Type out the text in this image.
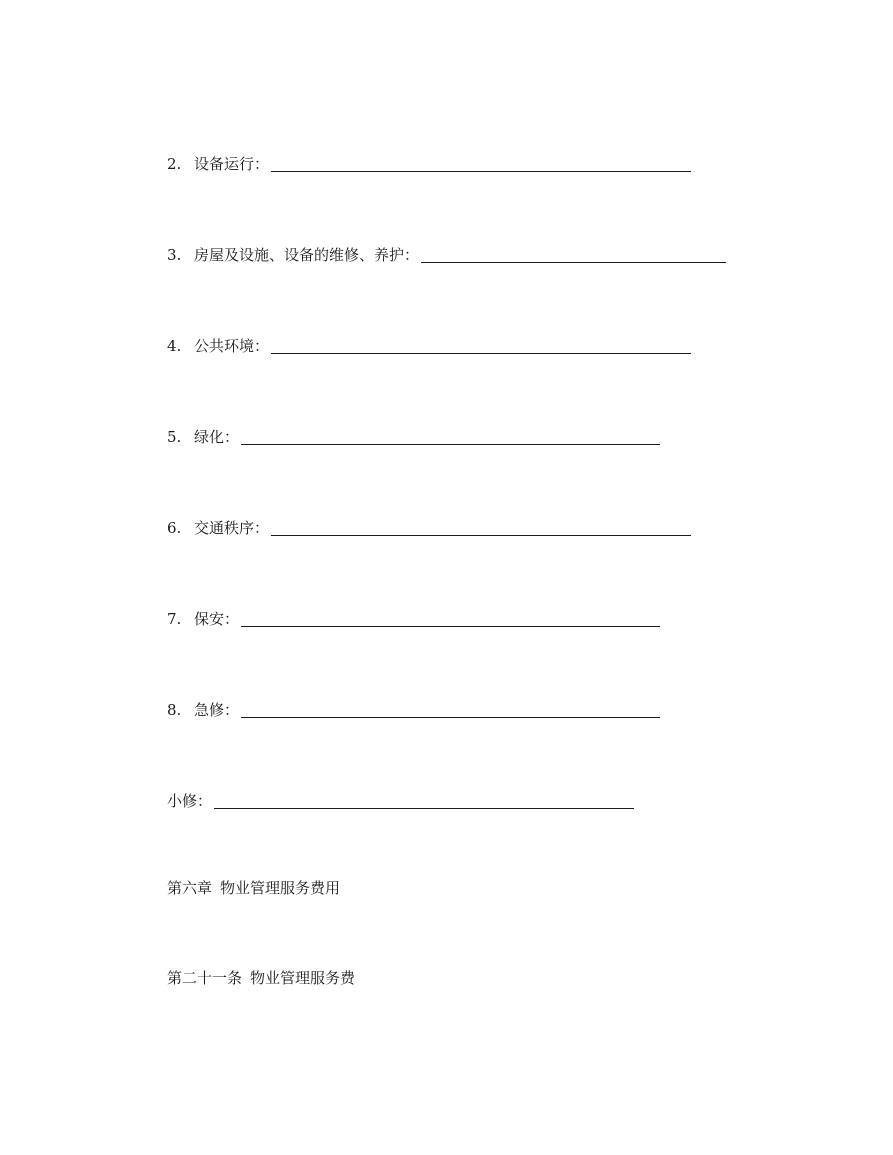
2. 设备运行：
3. 房屋及设施、设备的维修、养护：
4. 公共环境：
5. 绿化：
6. 交通秩序：
7. 保安：
8. 急修：
小修：
第六章 物业管理服务费用
第二十一条 物业管理服务费
